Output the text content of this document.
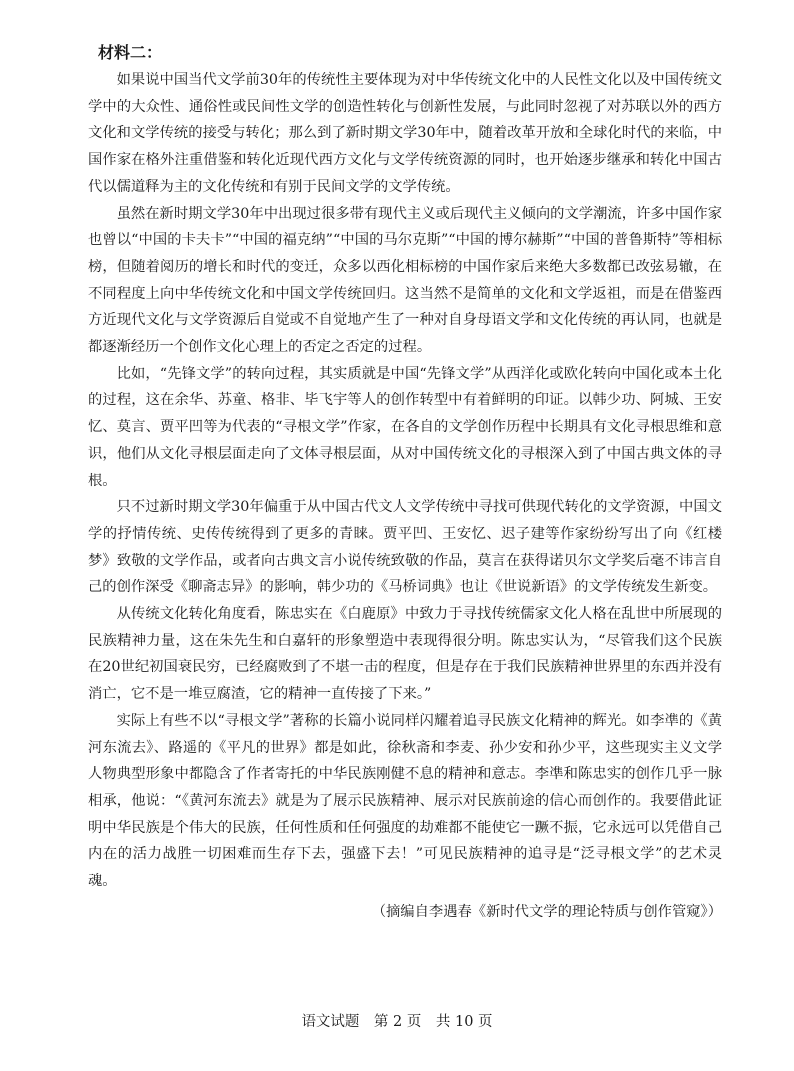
材料二：

如果说中国当代文学前30年的传统性主要体现为对中华传统文化中的人民性文化以及中国传统文学中的大众性、通俗性或民间性文学的创造性转化与创新性发展，与此同时忽视了对苏联以外的西方文化和文学传统的接受与转化；那么到了新时期文学30年中，随着改革开放和全球化时代的来临，中国作家在格外注重借鉴和转化近现代西方文化与文学传统资源的同时，也开始逐步继承和转化中国古代以儒道释为主的文化传统和有别于民间文学的文学传统。

虽然在新时期文学30年中出现过很多带有现代主义或后现代主义倾向的文学潮流，许多中国作家也曾以“中国的卡夫卡”“中国的福克纳”“中国的马尔克斯”“中国的博尔赫斯”“中国的普鲁斯特”等相标榜，但随着阅历的增长和时代的变迁，众多以西化相标榜的中国作家后来绝大多数都已改弦易辙，在不同程度上向中华传统文化和中国文学传统回归。这当然不是简单的文化和文学返祖，而是在借鉴西方近现代文化与文学资源后自觉或不自觉地产生了一种对自身母语文学和文化传统的再认同，也就是都逐渐经历一个创作文化心理上的否定之否定的过程。

比如，“先锋文学”的转向过程，其实质就是中国“先锋文学”从西洋化或欧化转向中国化或本土化的过程，这在余华、苏童、格非、毕飞宇等人的创作转型中有着鲜明的印证。以韩少功、阿城、王安忆、莫言、贾平凹等为代表的“寻根文学”作家，在各自的文学创作历程中长期具有文化寻根思维和意识，他们从文化寻根层面走向了文体寻根层面，从对中国传统文化的寻根深入到了中国古典文体的寻根。

只不过新时期文学30年偏重于从中国古代文人文学传统中寻找可供现代转化的文学资源，中国文学的抒情传统、史传传统得到了更多的青睐。贾平凹、王安忆、迟子建等作家纷纷写出了向《红楼梦》致敬的文学作品，或者向古典文言小说传统致敬的作品，莫言在获得诺贝尔文学奖后毫不讳言自己的创作深受《聊斋志异》的影响，韩少功的《马桥词典》也让《世说新语》的文学传统发生新变。

从传统文化转化角度看，陈忠实在《白鹿原》中致力于寻找传统儒家文化人格在乱世中所展现的民族精神力量，这在朱先生和白嘉轩的形象塑造中表现得很分明。陈忠实认为，“尽管我们这个民族在20世纪初国衰民穷，已经腐败到了不堪一击的程度，但是存在于我们民族精神世界里的东西并没有消亡，它不是一堆豆腐渣，它的精神一直传接了下来。”

实际上有些不以“寻根文学”著称的长篇小说同样闪耀着追寻民族文化精神的辉光。如李凖的《黄河东流去》、路遥的《平凡的世界》都是如此，徐秋斋和李麦、孙少安和孙少平，这些现实主义文学人物典型形象中都隐含了作者寄托的中华民族刚健不息的精神和意志。李凖和陈忠实的创作几乎一脉相承，他说：“《黄河东流去》就是为了展示民族精神、展示对民族前途的信心而创作的。我要借此证明中华民族是个伟大的民族，任何性质和任何强度的劫难都不能使它一蹶不振，它永远可以凭借自己内在的活力战胜一切困难而生存下去，强盛下去！”可见民族精神的追寻是“泛寻根文学”的艺术灵魂。

（摘编自李遇春《新时代文学的理论特质与创作管窥》）
语文试题　第 2 页　共 10 页
